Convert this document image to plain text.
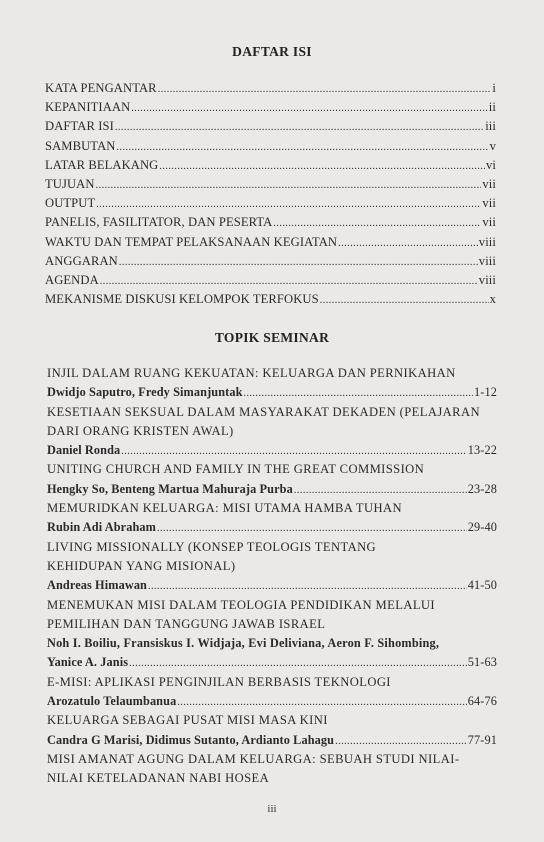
DAFTAR ISI
KATA PENGANTAR .....	i
KEPANITIAAN .....	ii
DAFTAR ISI .....	iii
SAMBUTAN .....	v
LATAR BELAKANG .....	vi
TUJUAN .....	vii
OUTPUT .....	vii
PANELIS, FASILITATOR, DAN PESERTA .....	vii
WAKTU DAN TEMPAT PELAKSANAAN KEGIATAN .....	viii
ANGGARAN .....	viii
AGENDA .....	viii
MEKANISME DISKUSI KELOMPOK TERFOKUS .....	x
TOPIK SEMINAR
INJIL DALAM RUANG KEKUATAN: KELUARGA DAN PERNIKAHAN
Dwidjo Saputro, Fredy Simanjuntak .....	1-12
KESETIAAN SEKSUAL DALAM MASYARAKAT DEKADEN (PELAJARAN
DARI ORANG KRISTEN AWAL)
Daniel Ronda .....	13-22
UNITING CHURCH AND FAMILY IN THE GREAT COMMISSION
Hengky So, Benteng Martua Mahuraja Purba .....	23-28
MEMURIDKAN KELUARGA: MISI UTAMA HAMBA TUHAN
Rubin Adi Abraham .....	29-40
LIVING MISSIONALLY (KONSEP TEOLOGIS TENTANG
KEHIDUPAN YANG MISIONAL)
Andreas Himawan .....	41-50
MENEMUKAN MISI DALAM TEOLOGIA PENDIDIKAN MELALUI
PEMILIHAN DAN TANGGUNG JAWAB ISRAEL
Noh I. Boiliu, Fransiskus I. Widjaja, Evi Deliviana, Aeron F. Sihombing,
Yanice A. Janis .....	51-63
E-MISI: APLIKASI PENGINJILAN BERBASIS TEKNOLOGI
Arozatulo Telaumbanua .....	64-76
KELUARGA SEBAGAI PUSAT MISI MASA KINI
Candra G Marisi, Didimus Sutanto, Ardianto Lahagu .....	77-91
MISI AMANAT AGUNG DALAM KELUARGA: SEBUAH STUDI NILAI-
NILAI KETELADANAN NABI HOSEA
iii
